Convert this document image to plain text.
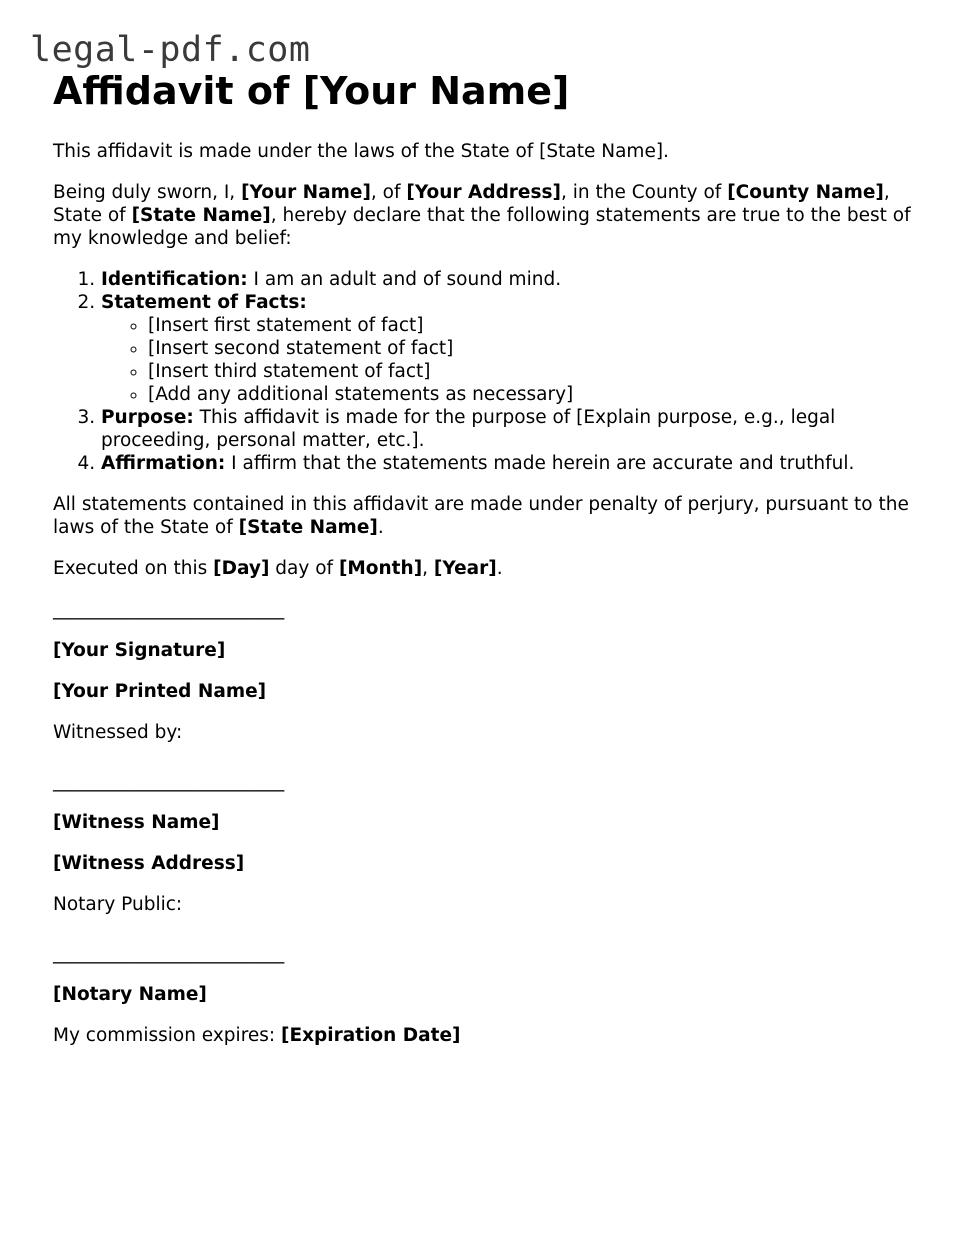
legal-pdf.com
Affidavit of [Your Name]

This affidavit is made under the laws of the State of [State Name].

Being duly sworn, I, [Your Name], of [Your Address], in the County of [County Name], State of [State Name], hereby declare that the following statements are true to the best of my knowledge and belief:

1. Identification: I am an adult and of sound mind.
2. Statement of Facts:
◦ [Insert first statement of fact]
◦ [Insert second statement of fact]
◦ [Insert third statement of fact]
◦ [Add any additional statements as necessary]
3. Purpose: This affidavit is made for the purpose of [Explain purpose, e.g., legal proceeding, personal matter, etc.].
4. Affirmation: I affirm that the statements made herein are accurate and truthful.

All statements contained in this affidavit are made under penalty of perjury, pursuant to the laws of the State of [State Name].

Executed on this [Day] day of [Month], [Year].

_________________________

[Your Signature]

[Your Printed Name]

Witnessed by:

_________________________

[Witness Name]

[Witness Address]

Notary Public:

_________________________

[Notary Name]

My commission expires: [Expiration Date]
